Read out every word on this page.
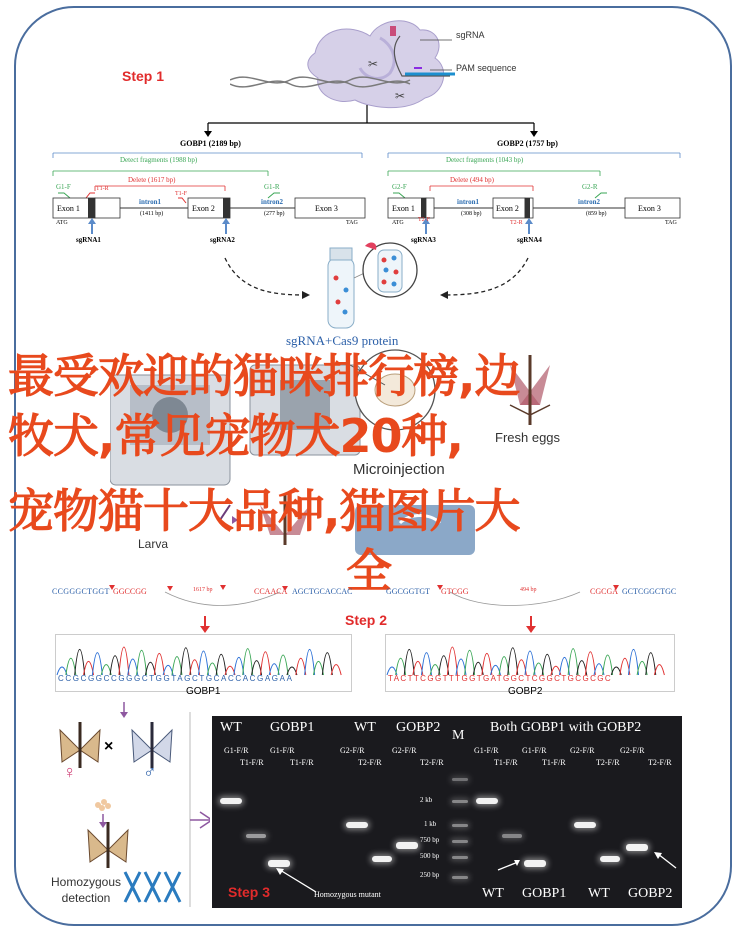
Step 1
✂
✂
sgRNA
PAM sequence
GOBP1 (2189 bp)
Detect fragments (1988 bp)
Delete (1617 bp)
G1-F	T1-R
T1-F
G1-R
Exon 1
intron1
(1411 bp)
Exon 2
intron2
(277 bp)
Exon 3
ATG	TAG
sgRNA1	sgRNA2
GOBP2 (1757 bp)
Detect fragments (1043 bp)
Delete (494 bp)
G2-F
T2-F	T2-R
G2-R
Exon 1
intron1
(308 bp)
Exon 2
intron2
(859 bp)
Exon 3
ATG	TAG
sgRNA3	sgRNA4
sgRNA+Cas9 protein
Microinjection
Fresh eggs
Larva
最受欢迎的猫咪排行榜,边
牧犬,常见宠物犬20种,
宠物猫十大品种,猫图片大
全
CCGGGCTGGT GGCCGG	1617 bp	CCAACA AGCTGCACCAC	GGCGGTGT GTCGG	494 bp	CGCGA GCTCGGCTGC
Step 2
CCGCGGCCGGGCTGGTAGCTGCACCACGAGAA	TACTTCGGTTTGGTGATGGCTCGGCTGCGCGC
GOBP1	GOBP2
×
♀	♂
Homozygous detection
WT GOBP1	WT GOBP2
M
Both GOBP1 with GOBP2
G1-F/R
T1-F/R
G1-F/R
T1-F/R
G2-F/R
T2-F/R
G2-F/R
T2-F/R
G1-F/R
T1-F/R
G1-F/R
T1-F/R
G2-F/R
T2-F/R
G2-F/R
T2-F/R
2 kb
1 kb
750 bp
500 bp
250 bp
Homozygous mutant	WT GOBP1 WT GOBP2
Step 3
